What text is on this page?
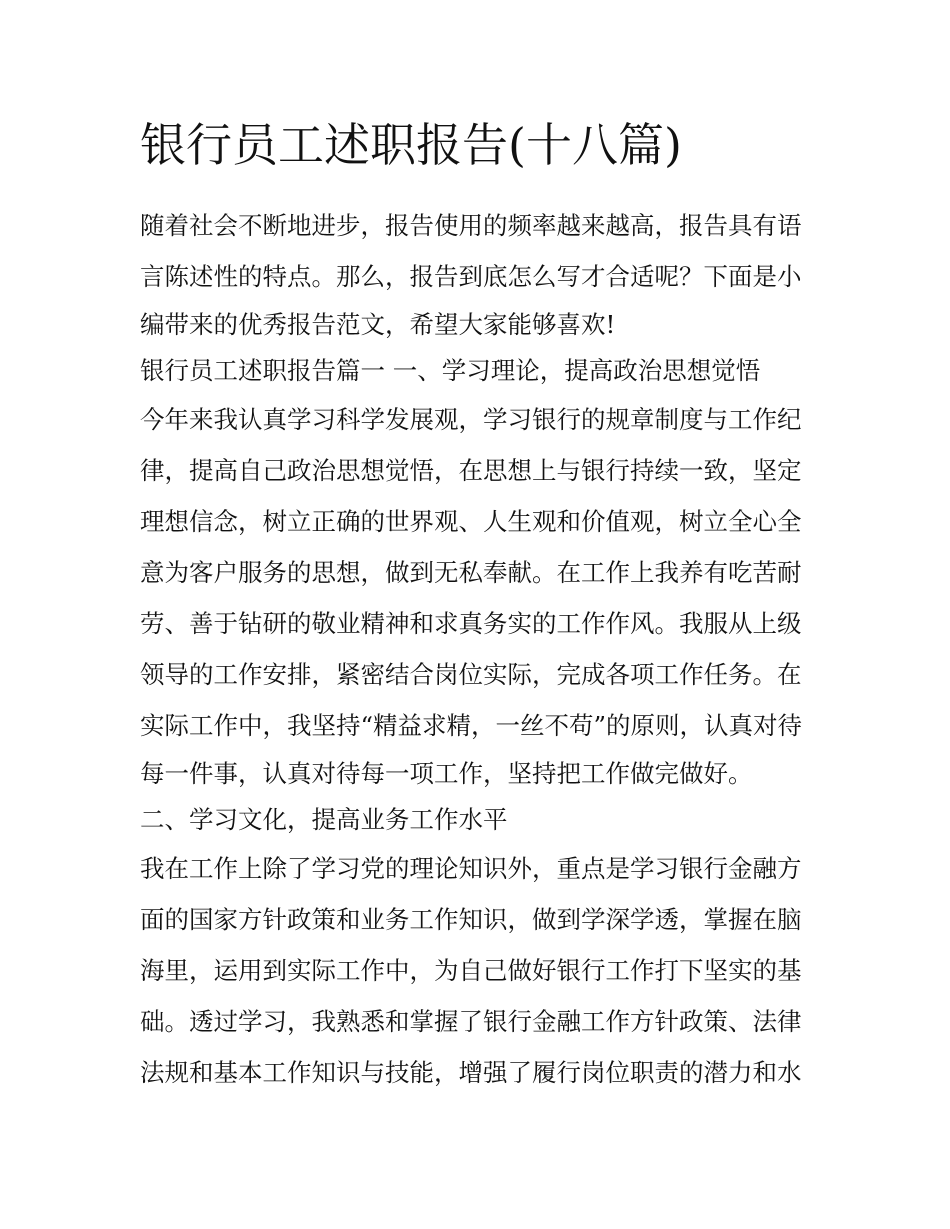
银行员工述职报告(十八篇)
随着社会不断地进步，报告使用的频率越来越高，报告具有语
言陈述性的特点。那么，报告到底怎么写才合适呢？下面是小
编带来的优秀报告范文，希望大家能够喜欢!
银行员工述职报告篇一 一、学习理论，提高政治思想觉悟
今年来我认真学习科学发展观，学习银行的规章制度与工作纪
律，提高自己政治思想觉悟，在思想上与银行持续一致，坚定
理想信念，树立正确的世界观、人生观和价值观，树立全心全
意为客户服务的思想，做到无私奉献。在工作上我养有吃苦耐
劳、善于钻研的敬业精神和求真务实的工作作风。我服从上级
领导的工作安排，紧密结合岗位实际，完成各项工作任务。在
实际工作中，我坚持“精益求精，一丝不苟”的原则，认真对待
每一件事，认真对待每一项工作，坚持把工作做完做好。
二、学习文化，提高业务工作水平
我在工作上除了学习党的理论知识外，重点是学习银行金融方
面的国家方针政策和业务工作知识，做到学深学透，掌握在脑
海里，运用到实际工作中，为自己做好银行工作打下坚实的基
础。透过学习，我熟悉和掌握了银行金融工作方针政策、法律
法规和基本工作知识与技能，增强了履行岗位职责的潜力和水
